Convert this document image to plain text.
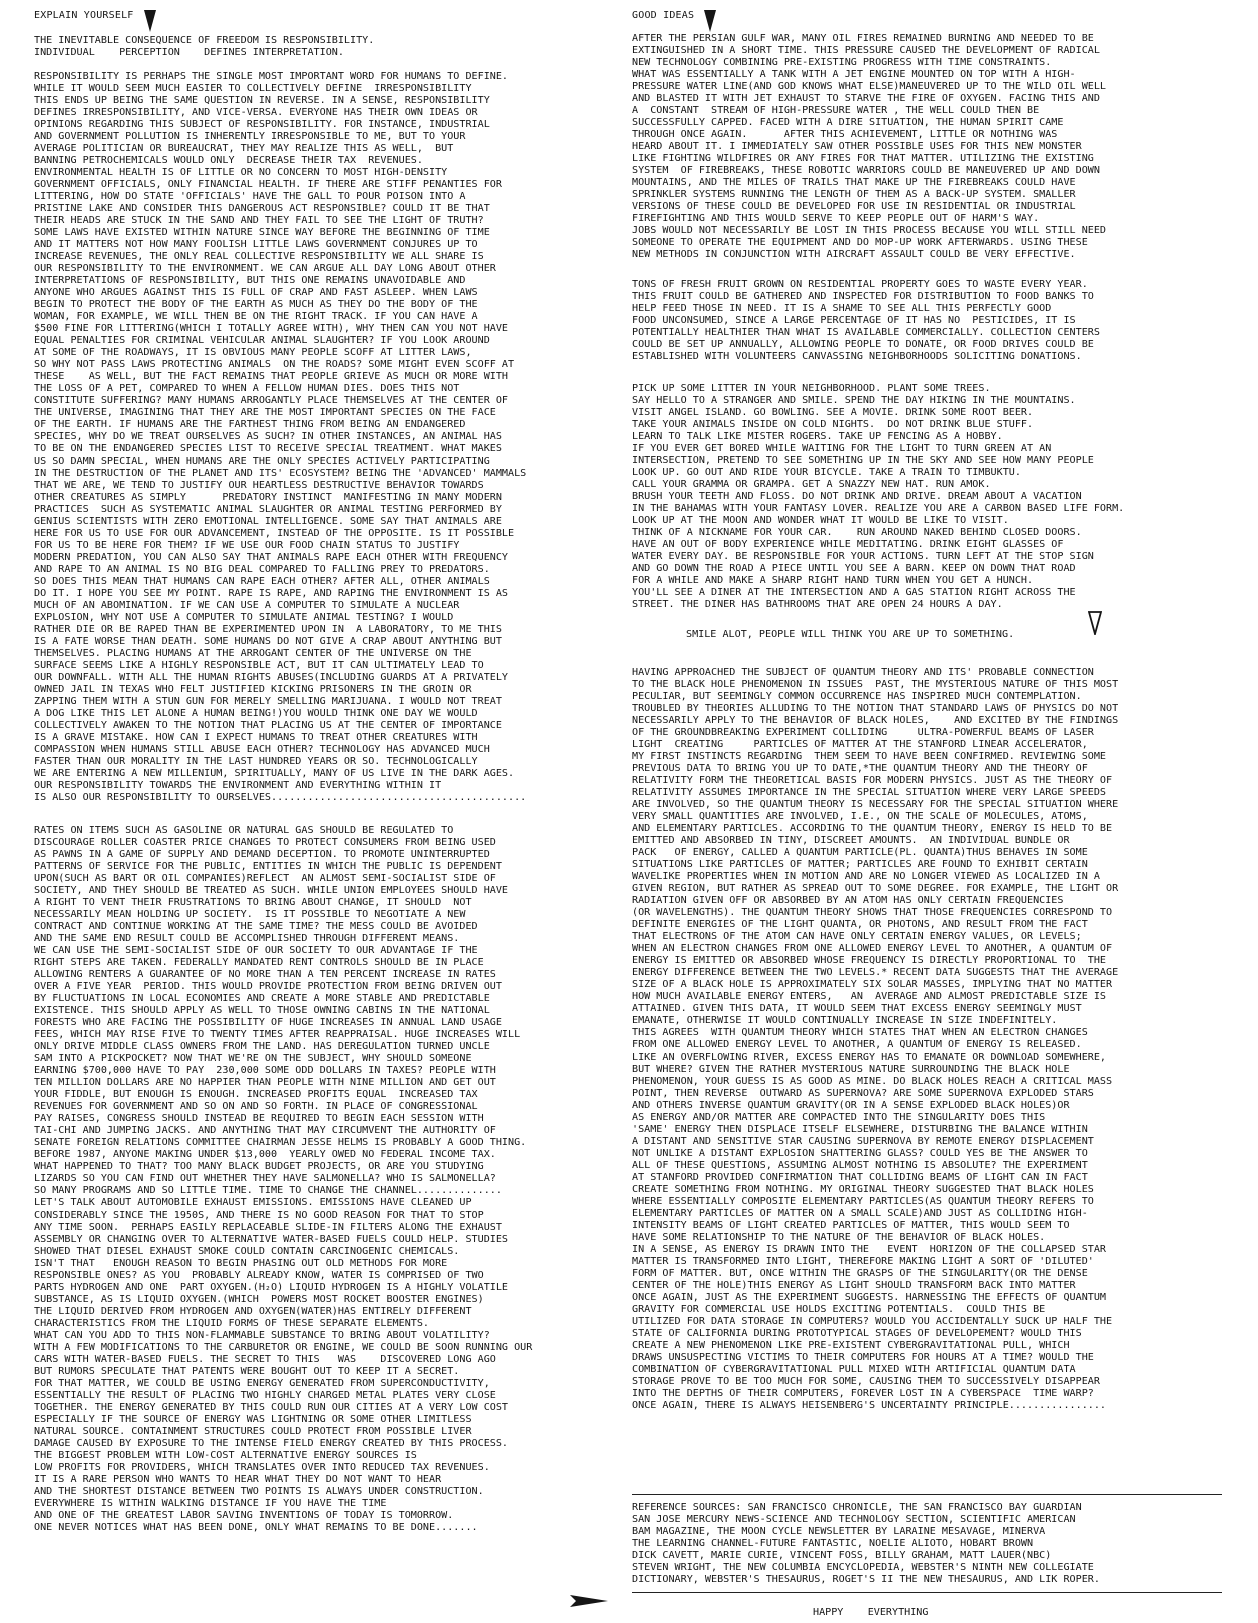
EXPLAIN YOURSELF
THE INEVITABLE CONSEQUENCE OF FREEDOM IS RESPONSIBILITY.
INDIVIDUAL    PERCEPTION    DEFINES INTERPRETATION.
RESPONSIBILITY IS PERHAPS THE SINGLE MOST IMPORTANT WORD FOR HUMANS TO DEFINE.
WHILE IT WOULD SEEM MUCH EASIER TO COLLECTIVELY DEFINE  IRRESPONSIBILITY
THIS ENDS UP BEING THE SAME QUESTION IN REVERSE. IN A SENSE, RESPONSIBILITY
DEFINES IRRESPONSIBILITY, AND VICE-VERSA. EVERYONE HAS THEIR OWN IDEAS OR
OPINIONS REGARDING THIS SUBJECT OF RESPONSIBILITY. FOR INSTANCE, INDUSTRIAL
AND GOVERNMENT POLLUTION IS INHERENTLY IRRESPONSIBLE TO ME, BUT TO YOUR
AVERAGE POLITICIAN OR BUREAUCRAT, THEY MAY REALIZE THIS AS WELL,  BUT
BANNING PETROCHEMICALS WOULD ONLY  DECREASE THEIR TAX  REVENUES.
ENVIRONMENTAL HEALTH IS OF LITTLE OR NO CONCERN TO MOST HIGH-DENSITY
GOVERNMENT OFFICIALS, ONLY FINANCIAL HEALTH. IF THERE ARE STIFF PENANTIES FOR
LITTERING, HOW DO STATE 'OFFICIALS' HAVE THE GALL TO POUR POISON INTO A
PRISTINE LAKE AND CONSIDER THIS DANGEROUS ACT RESPONSIBLE? COULD IT BE THAT
THEIR HEADS ARE STUCK IN THE SAND AND THEY FAIL TO SEE THE LIGHT OF TRUTH?
SOME LAWS HAVE EXISTED WITHIN NATURE SINCE WAY BEFORE THE BEGINNING OF TIME
AND IT MATTERS NOT HOW MANY FOOLISH LITTLE LAWS GOVERNMENT CONJURES UP TO
INCREASE REVENUES, THE ONLY REAL COLLECTIVE RESPONSIBILITY WE ALL SHARE IS
OUR RESPONSIBILITY TO THE ENVIRONMENT. WE CAN ARGUE ALL DAY LONG ABOUT OTHER
INTERPRETATIONS OF RESPONSIBILITY, BUT THIS ONE REMAINS UNAVOIDABLE AND
ANYONE WHO ARGUES AGAINST THIS IS FULL OF CRAP AND FAST ASLEEP. WHEN LAWS
BEGIN TO PROTECT THE BODY OF THE EARTH AS MUCH AS THEY DO THE BODY OF THE
WOMAN, FOR EXAMPLE, WE WILL THEN BE ON THE RIGHT TRACK. IF YOU CAN HAVE A
$500 FINE FOR LITTERING(WHICH I TOTALLY AGREE WITH), WHY THEN CAN YOU NOT HAVE
EQUAL PENALTIES FOR CRIMINAL VEHICULAR ANIMAL SLAUGHTER? IF YOU LOOK AROUND
AT SOME OF THE ROADWAYS, IT IS OBVIOUS MANY PEOPLE SCOFF AT LITTER LAWS,
SO WHY NOT PASS LAWS PROTECTING ANIMALS  ON THE ROADS? SOME MIGHT EVEN SCOFF AT
THESE    AS WELL, BUT THE FACT REMAINS THAT PEOPLE GRIEVE AS MUCH OR MORE WITH
THE LOSS OF A PET, COMPARED TO WHEN A FELLOW HUMAN DIES. DOES THIS NOT
CONSTITUTE SUFFERING? MANY HUMANS ARROGANTLY PLACE THEMSELVES AT THE CENTER OF
THE UNIVERSE, IMAGINING THAT THEY ARE THE MOST IMPORTANT SPECIES ON THE FACE
OF THE EARTH. IF HUMANS ARE THE FARTHEST THING FROM BEING AN ENDANGERED
SPECIES, WHY DO WE TREAT OURSELVES AS SUCH? IN OTHER INSTANCES, AN ANIMAL HAS
TO BE ON THE ENDANGERED SPECIES LIST TO RECEIVE SPECIAL TREATMENT. WHAT MAKES
US SO DAMN SPECIAL, WHEN HUMANS ARE THE ONLY SPECIES ACTIVELY PARTICIPATING
IN THE DESTRUCTION OF THE PLANET AND ITS' ECOSYSTEM? BEING THE 'ADVANCED' MAMMALS
THAT WE ARE, WE TEND TO JUSTIFY OUR HEARTLESS DESTRUCTIVE BEHAVIOR TOWARDS
OTHER CREATURES AS SIMPLY      PREDATORY INSTINCT  MANIFESTING IN MANY MODERN
PRACTICES  SUCH AS SYSTEMATIC ANIMAL SLAUGHTER OR ANIMAL TESTING PERFORMED BY
GENIUS SCIENTISTS WITH ZERO EMOTIONAL INTELLIGENCE. SOME SAY THAT ANIMALS ARE
HERE FOR US TO USE FOR OUR ADVANCEMENT, INSTEAD OF THE OPPOSITE. IS IT POSSIBLE
FOR US TO BE HERE FOR THEM? IF WE USE OUR FOOD CHAIN STATUS TO JUSTIFY
MODERN PREDATION, YOU CAN ALSO SAY THAT ANIMALS RAPE EACH OTHER WITH FREQUENCY
AND RAPE TO AN ANIMAL IS NO BIG DEAL COMPARED TO FALLING PREY TO PREDATORS.
SO DOES THIS MEAN THAT HUMANS CAN RAPE EACH OTHER? AFTER ALL, OTHER ANIMALS
DO IT. I HOPE YOU SEE MY POINT. RAPE IS RAPE, AND RAPING THE ENVIRONMENT IS AS
MUCH OF AN ABOMINATION. IF WE CAN USE A COMPUTER TO SIMULATE A NUCLEAR
EXPLOSION, WHY NOT USE A COMPUTER TO SIMULATE ANIMAL TESTING? I WOULD
RATHER DIE OR BE RAPED THAN BE EXPERIMENTED UPON IN  A LABORATORY, TO ME THIS
IS A FATE WORSE THAN DEATH. SOME HUMANS DO NOT GIVE A CRAP ABOUT ANYTHING BUT
THEMSELVES. PLACING HUMANS AT THE ARROGANT CENTER OF THE UNIVERSE ON THE
SURFACE SEEMS LIKE A HIGHLY RESPONSIBLE ACT, BUT IT CAN ULTIMATELY LEAD TO
OUR DOWNFALL. WITH ALL THE HUMAN RIGHTS ABUSES(INCLUDING GUARDS AT A PRIVATELY
OWNED JAIL IN TEXAS WHO FELT JUSTIFIED KICKING PRISONERS IN THE GROIN OR
ZAPPING THEM WITH A STUN GUN FOR MERELY SMELLING MARIJUANA. I WOULD NOT TREAT
A DOG LIKE THIS LET ALONE A HUMAN BEING!)YOU WOULD THINK ONE DAY WE WOULD
COLLECTIVELY AWAKEN TO THE NOTION THAT PLACING US AT THE CENTER OF IMPORTANCE
IS A GRAVE MISTAKE. HOW CAN I EXPECT HUMANS TO TREAT OTHER CREATURES WITH
COMPASSION WHEN HUMANS STILL ABUSE EACH OTHER? TECHNOLOGY HAS ADVANCED MUCH
FASTER THAN OUR MORALITY IN THE LAST HUNDRED YEARS OR SO. TECHNOLOGICALLY
WE ARE ENTERING A NEW MILLENIUM, SPIRITUALLY, MANY OF US LIVE IN THE DARK AGES.
OUR RESPONSIBILITY TOWARDS THE ENVIRONMENT AND EVERYTHING WITHIN IT
IS ALSO OUR RESPONSIBILITY TO OURSELVES..........................................
RATES ON ITEMS SUCH AS GASOLINE OR NATURAL GAS SHOULD BE REGULATED TO
DISCOURAGE ROLLER COASTER PRICE CHANGES TO PROTECT CONSUMERS FROM BEING USED
AS PAWNS IN A GAME OF SUPPLY AND DEMAND DECEPTION. TO PROMOTE UNINTERRUPTED
PATTERNS OF SERVICE FOR THE PUBLIC, ENTITIES IN WHICH THE PUBLIC IS DEPENDENT
UPON(SUCH AS BART OR OIL COMPANIES)REFLECT  AN ALMOST SEMI-SOCIALIST SIDE OF
SOCIETY, AND THEY SHOULD BE TREATED AS SUCH. WHILE UNION EMPLOYEES SHOULD HAVE
A RIGHT TO VENT THEIR FRUSTRATIONS TO BRING ABOUT CHANGE, IT SHOULD  NOT
NECESSARILY MEAN HOLDING UP SOCIETY.  IS IT POSSIBLE TO NEGOTIATE A NEW
CONTRACT AND CONTINUE WORKING AT THE SAME TIME? THE MESS COULD BE AVOIDED
AND THE SAME END RESULT COULD BE ACCOMPLISHED THROUGH DIFFERENT MEANS.
WE CAN USE THE SEMI-SOCIALIST SIDE OF OUR SOCIETY TO OUR ADVANTAGE IF THE
RIGHT STEPS ARE TAKEN. FEDERALLY MANDATED RENT CONTROLS SHOULD BE IN PLACE
ALLOWING RENTERS A GUARANTEE OF NO MORE THAN A TEN PERCENT INCREASE IN RATES
OVER A FIVE YEAR  PERIOD. THIS WOULD PROVIDE PROTECTION FROM BEING DRIVEN OUT
BY FLUCTUATIONS IN LOCAL ECONOMIES AND CREATE A MORE STABLE AND PREDICTABLE
EXISTENCE. THIS SHOULD APPLY AS WELL TO THOSE OWNING CABINS IN THE NATIONAL
FORESTS WHO ARE FACING THE POSSIBILITY OF HUGE INCREASES IN ANNUAL LAND USAGE
FEES, WHICH MAY RISE FIVE TO TWENTY TIMES AFTER REAPPRAISAL. HUGE INCREASES WILL
ONLY DRIVE MIDDLE CLASS OWNERS FROM THE LAND. HAS DEREGULATION TURNED UNCLE
SAM INTO A PICKPOCKET? NOW THAT WE'RE ON THE SUBJECT, WHY SHOULD SOMEONE
EARNING $700,000 HAVE TO PAY  230,000 SOME ODD DOLLARS IN TAXES? PEOPLE WITH
TEN MILLION DOLLARS ARE NO HAPPIER THAN PEOPLE WITH NINE MILLION AND GET OUT
YOUR FIDDLE, BUT ENOUGH IS ENOUGH. INCREASED PROFITS EQUAL  INCREASED TAX
REVENUES FOR GOVERNMENT AND SO ON AND SO FORTH. IN PLACE OF CONGRESSIONAL
PAY RAISES, CONGRESS SHOULD INSTEAD BE REQUIRED TO BEGIN EACH SESSION WITH
TAI-CHI AND JUMPING JACKS. AND ANYTHING THAT MAY CIRCUMVENT THE AUTHORITY OF
SENATE FOREIGN RELATIONS COMMITTEE CHAIRMAN JESSE HELMS IS PROBABLY A GOOD THING.
BEFORE 1987, ANYONE MAKING UNDER $13,000  YEARLY OWED NO FEDERAL INCOME TAX.
WHAT HAPPENED TO THAT? TOO MANY BLACK BUDGET PROJECTS, OR ARE YOU STUDYING
LIZARDS SO YOU CAN FIND OUT WHETHER THEY HAVE SALMONELLA? WHO IS SALMONELLA?
SO MANY PROGRAMS AND SO LITTLE TIME. TIME TO CHANGE THE CHANNEL..............
LET'S TALK ABOUT AUTOMOBILE EXHAUST EMISSIONS. EMISSIONS HAVE CLEANED UP
CONSIDERABLY SINCE THE 1950S, AND THERE IS NO GOOD REASON FOR THAT TO STOP
ANY TIME SOON.  PERHAPS EASILY REPLACEABLE SLIDE-IN FILTERS ALONG THE EXHAUST
ASSEMBLY OR CHANGING OVER TO ALTERNATIVE WATER-BASED FUELS COULD HELP. STUDIES
SHOWED THAT DIESEL EXHAUST SMOKE COULD CONTAIN CARCINOGENIC CHEMICALS.
ISN'T THAT   ENOUGH REASON TO BEGIN PHASING OUT OLD METHODS FOR MORE
RESPONSIBLE ONES? AS YOU  PROBABLY ALREADY KNOW, WATER IS COMPRISED OF TWO
PARTS HYDROGEN AND ONE  PART OXYGEN.(H₂O) LIQUID HYDROGEN IS A HIGHLY VOLATILE
SUBSTANCE, AS IS LIQUID OXYGEN.(WHICH  POWERS MOST ROCKET BOOSTER ENGINES)
THE LIQUID DERIVED FROM HYDROGEN AND OXYGEN(WATER)HAS ENTIRELY DIFFERENT
CHARACTERISTICS FROM THE LIQUID FORMS OF THESE SEPARATE ELEMENTS.
WHAT CAN YOU ADD TO THIS NON-FLAMMABLE SUBSTANCE TO BRING ABOUT VOLATILITY?
WITH A FEW MODIFICATIONS TO THE CARBURETOR OR ENGINE, WE COULD BE SOON RUNNING OUR
CARS WITH WATER-BASED FUELS. THE SECRET TO THIS   WAS    DISCOVERED LONG AGO
BUT RUMORS SPECULATE THAT PATENTS WERE BOUGHT OUT TO KEEP IT A SECRET.
FOR THAT MATTER, WE COULD BE USING ENERGY GENERATED FROM SUPERCONDUCTIVITY,
ESSENTIALLY THE RESULT OF PLACING TWO HIGHLY CHARGED METAL PLATES VERY CLOSE
TOGETHER. THE ENERGY GENERATED BY THIS COULD RUN OUR CITIES AT A VERY LOW COST
ESPECIALLY IF THE SOURCE OF ENERGY WAS LIGHTNING OR SOME OTHER LIMITLESS
NATURAL SOURCE. CONTAINMENT STRUCTURES COULD PROTECT FROM POSSIBLE LIVER
DAMAGE CAUSED BY EXPOSURE TO THE INTENSE FIELD ENERGY CREATED BY THIS PROCESS.
THE BIGGEST PROBLEM WITH LOW-COST ALTERNATIVE ENERGY SOURCES IS
LOW PROFITS FOR PROVIDERS, WHICH TRANSLATES OVER INTO REDUCED TAX REVENUES.
IT IS A RARE PERSON WHO WANTS TO HEAR WHAT THEY DO NOT WANT TO HEAR
AND THE SHORTEST DISTANCE BETWEEN TWO POINTS IS ALWAYS UNDER CONSTRUCTION.
EVERYWHERE IS WITHIN WALKING DISTANCE IF YOU HAVE THE TIME
AND ONE OF THE GREATEST LABOR SAVING INVENTIONS OF TODAY IS TOMORROW.
ONE NEVER NOTICES WHAT HAS BEEN DONE, ONLY WHAT REMAINS TO BE DONE.......
GOOD IDEAS
AFTER THE PERSIAN GULF WAR, MANY OIL FIRES REMAINED BURNING AND NEEDED TO BE
EXTINGUISHED IN A SHORT TIME. THIS PRESSURE CAUSED THE DEVELOPMENT OF RADICAL
NEW TECHNOLOGY COMBINING PRE-EXISTING PROGRESS WITH TIME CONSTRAINTS.
WHAT WAS ESSENTIALLY A TANK WITH A JET ENGINE MOUNTED ON TOP WITH A HIGH-
PRESSURE WATER LINE(AND GOD KNOWS WHAT ELSE)MANEUVERED UP TO THE WILD OIL WELL
AND BLASTED IT WITH JET EXHAUST TO STARVE THE FIRE OF OXYGEN. FACING THIS AND
A  CONSTANT  STREAM OF HIGH-PRESSURE WATER , THE WELL COULD THEN BE
SUCCESSFULLY CAPPED. FACED WITH A DIRE SITUATION, THE HUMAN SPIRIT CAME
THROUGH ONCE AGAIN.      AFTER THIS ACHIEVEMENT, LITTLE OR NOTHING WAS
HEARD ABOUT IT. I IMMEDIATELY SAW OTHER POSSIBLE USES FOR THIS NEW MONSTER
LIKE FIGHTING WILDFIRES OR ANY FIRES FOR THAT MATTER. UTILIZING THE EXISTING
SYSTEM  OF FIREBREAKS, THESE ROBOTIC WARRIORS COULD BE MANEUVERED UP AND DOWN
MOUNTAINS, AND THE MILES OF TRAILS THAT MAKE UP THE FIREBREAKS COULD HAVE
SPRINKLER SYSTEMS RUNNING THE LENGTH OF THEM AS A BACK-UP SYSTEM. SMALLER
VERSIONS OF THESE COULD BE DEVELOPED FOR USE IN RESIDENTIAL OR INDUSTRIAL
FIREFIGHTING AND THIS WOULD SERVE TO KEEP PEOPLE OUT OF HARM'S WAY.
JOBS WOULD NOT NECESSARILY BE LOST IN THIS PROCESS BECAUSE YOU WILL STILL NEED
SOMEONE TO OPERATE THE EQUIPMENT AND DO MOP-UP WORK AFTERWARDS. USING THESE
NEW METHODS IN CONJUNCTION WITH AIRCRAFT ASSAULT COULD BE VERY EFFECTIVE.
TONS OF FRESH FRUIT GROWN ON RESIDENTIAL PROPERTY GOES TO WASTE EVERY YEAR.
THIS FRUIT COULD BE GATHERED AND INSPECTED FOR DISTRIBUTION TO FOOD BANKS TO
HELP FEED THOSE IN NEED. IT IS A SHAME TO SEE ALL THIS PERFECTLY GOOD
FOOD UNCONSUMED, SINCE A LARGE PERCENTAGE OF IT HAS NO  PESTICIDES, IT IS
POTENTIALLY HEALTHIER THAN WHAT IS AVAILABLE COMMERCIALLY. COLLECTION CENTERS
COULD BE SET UP ANNUALLY, ALLOWING PEOPLE TO DONATE, OR FOOD DRIVES COULD BE
ESTABLISHED WITH VOLUNTEERS CANVASSING NEIGHBORHOODS SOLICITING DONATIONS.
PICK UP SOME LITTER IN YOUR NEIGHBORHOOD. PLANT SOME TREES.
SAY HELLO TO A STRANGER AND SMILE. SPEND THE DAY HIKING IN THE MOUNTAINS.
VISIT ANGEL ISLAND. GO BOWLING. SEE A MOVIE. DRINK SOME ROOT BEER.
TAKE YOUR ANIMALS INSIDE ON COLD NIGHTS.  DO NOT DRINK BLUE STUFF.
LEARN TO TALK LIKE MISTER ROGERS. TAKE UP FENCING AS A HOBBY.
IF YOU EVER GET BORED WHILE WAITING FOR THE LIGHT TO TURN GREEN AT AN
INTERSECTION, PRETEND TO SEE SOMETHING UP IN THE SKY AND SEE HOW MANY PEOPLE
LOOK UP. GO OUT AND RIDE YOUR BICYCLE. TAKE A TRAIN TO TIMBUKTU.
CALL YOUR GRAMMA OR GRAMPA. GET A SNAZZY NEW HAT. RUN AMOK.
BRUSH YOUR TEETH AND FLOSS. DO NOT DRINK AND DRIVE. DREAM ABOUT A VACATION
IN THE BAHAMAS WITH YOUR FANTASY LOVER. REALIZE YOU ARE A CARBON BASED LIFE FORM.
LOOK UP AT THE MOON AND WONDER WHAT IT WOULD BE LIKE TO VISIT.
THINK OF A NICKNAME FOR YOUR CAR.    RUN AROUND NAKED BEHIND CLOSED DOORS.
HAVE AN OUT OF BODY EXPERIENCE WHILE MEDITATING. DRINK EIGHT GLASSES OF
WATER EVERY DAY. BE RESPONSIBLE FOR YOUR ACTIONS. TURN LEFT AT THE STOP SIGN
AND GO DOWN THE ROAD A PIECE UNTIL YOU SEE A BARN. KEEP ON DOWN THAT ROAD
FOR A WHILE AND MAKE A SHARP RIGHT HAND TURN WHEN YOU GET A HUNCH.
YOU'LL SEE A DINER AT THE INTERSECTION AND A GAS STATION RIGHT ACROSS THE
STREET. THE DINER HAS BATHROOMS THAT ARE OPEN 24 HOURS A DAY.
SMILE ALOT, PEOPLE WILL THINK YOU ARE UP TO SOMETHING.
HAVING APPROACHED THE SUBJECT OF QUANTUM THEORY AND ITS' PROBABLE CONNECTION
TO THE BLACK HOLE PHENOMENON IN ISSUES  PAST, THE MYSTERIOUS NATURE OF THIS MOST
PECULIAR, BUT SEEMINGLY COMMON OCCURRENCE HAS INSPIRED MUCH CONTEMPLATION.
TROUBLED BY THEORIES ALLUDING TO THE NOTION THAT STANDARD LAWS OF PHYSICS DO NOT
NECESSARILY APPLY TO THE BEHAVIOR OF BLACK HOLES,    AND EXCITED BY THE FINDINGS
OF THE GROUNDBREAKING EXPERIMENT COLLIDING     ULTRA-POWERFUL BEAMS OF LASER
LIGHT  CREATING     PARTICLES OF MATTER AT THE STANFORD LINEAR ACCELERATOR,
MY FIRST INSTINCTS REGARDING  THEM SEEM TO HAVE BEEN CONFIRMED. REVIEWING SOME
PREVIOUS DATA TO BRING YOU UP TO DATE,*THE QUANTUM THEORY AND THE THEORY OF
RELATIVITY FORM THE THEORETICAL BASIS FOR MODERN PHYSICS. JUST AS THE THEORY OF
RELATIVITY ASSUMES IMPORTANCE IN THE SPECIAL SITUATION WHERE VERY LARGE SPEEDS
ARE INVOLVED, SO THE QUANTUM THEORY IS NECESSARY FOR THE SPECIAL SITUATION WHERE
VERY SMALL QUANTITIES ARE INVOLVED, I.E., ON THE SCALE OF MOLECULES, ATOMS,
AND ELEMENTARY PARTICLES. ACCORDING TO THE QUANTUM THEORY, ENERGY IS HELD TO BE
EMITTED AND ABSORBED IN TINY, DISCREET AMOUNTS.  AN INDIVIDUAL BUNDLE OR
PACK   OF ENERGY, CALLED A QUANTUM PARTICLE(PL. QUANTA)THUS BEHAVES IN SOME
SITUATIONS LIKE PARTICLES OF MATTER; PARTICLES ARE FOUND TO EXHIBIT CERTAIN
WAVELIKE PROPERTIES WHEN IN MOTION AND ARE NO LONGER VIEWED AS LOCALIZED IN A
GIVEN REGION, BUT RATHER AS SPREAD OUT TO SOME DEGREE. FOR EXAMPLE, THE LIGHT OR
RADIATION GIVEN OFF OR ABSORBED BY AN ATOM HAS ONLY CERTAIN FREQUENCIES
(OR WAVELENGTHS). THE QUANTUM THEORY SHOWS THAT THOSE FREQUENCIES CORRESPOND TO
DEFINITE ENERGIES OF THE LIGHT QUANTA, OR PHOTONS, AND RESULT FROM THE FACT
THAT ELECTRONS OF THE ATOM CAN HAVE ONLY CERTAIN ENERGY VALUES, OR LEVELS;
WHEN AN ELECTRON CHANGES FROM ONE ALLOWED ENERGY LEVEL TO ANOTHER, A QUANTUM OF
ENERGY IS EMITTED OR ABSORBED WHOSE FREQUENCY IS DIRECTLY PROPORTIONAL TO  THE
ENERGY DIFFERENCE BETWEEN THE TWO LEVELS.* RECENT DATA SUGGESTS THAT THE AVERAGE
SIZE OF A BLACK HOLE IS APPROXIMATELY SIX SOLAR MASSES, IMPLYING THAT NO MATTER
HOW MUCH AVAILABLE ENERGY ENTERS,   AN  AVERAGE AND ALMOST PREDICTABLE SIZE IS
ATTAINED. GIVEN THIS DATA, IT WOULD SEEM THAT EXCESS ENERGY SEEMINGLY MUST
EMANATE, OTHERWISE IT WOULD CONTINUALLY INCREASE IN SIZE INDEFINITELY.
THIS AGREES  WITH QUANTUM THEORY WHICH STATES THAT WHEN AN ELECTRON CHANGES
FROM ONE ALLOWED ENERGY LEVEL TO ANOTHER, A QUANTUM OF ENERGY IS RELEASED.
LIKE AN OVERFLOWING RIVER, EXCESS ENERGY HAS TO EMANATE OR DOWNLOAD SOMEWHERE,
BUT WHERE? GIVEN THE RATHER MYSTERIOUS NATURE SURROUNDING THE BLACK HOLE
PHENOMENON, YOUR GUESS IS AS GOOD AS MINE. DO BLACK HOLES REACH A CRITICAL MASS
POINT, THEN REVERSE  OUTWARD AS SUPERNOVA? ARE SOME SUPERNOVA EXPLODED STARS
AND OTHERS INVERSE QUANTUM GRAVITY(OR IN A SENSE EXPLODED BLACK HOLES)OR
AS ENERGY AND/OR MATTER ARE COMPACTED INTO THE SINGULARITY DOES THIS
'SAME' ENERGY THEN DISPLACE ITSELF ELSEWHERE, DISTURBING THE BALANCE WITHIN
A DISTANT AND SENSITIVE STAR CAUSING SUPERNOVA BY REMOTE ENERGY DISPLACEMENT
NOT UNLIKE A DISTANT EXPLOSION SHATTERING GLASS? COULD YES BE THE ANSWER TO
ALL OF THESE QUESTIONS, ASSUMING ALMOST NOTHING IS ABSOLUTE? THE EXPERIMENT
AT STANFORD PROVIDED CONFIRMATION THAT COLLIDING BEAMS OF LIGHT CAN IN FACT
CREATE SOMETHING FROM NOTHING. MY ORIGINAL THEORY SUGGESTED THAT BLACK HOLES
WHERE ESSENTIALLY COMPOSITE ELEMENTARY PARTICLES(AS QUANTUM THEORY REFERS TO
ELEMENTARY PARTICLES OF MATTER ON A SMALL SCALE)AND JUST AS COLLIDING HIGH-
INTENSITY BEAMS OF LIGHT CREATED PARTICLES OF MATTER, THIS WOULD SEEM TO
HAVE SOME RELATIONSHIP TO THE NATURE OF THE BEHAVIOR OF BLACK HOLES.
IN A SENSE, AS ENERGY IS DRAWN INTO THE   EVENT  HORIZON OF THE COLLAPSED STAR
MATTER IS TRANSFORMED INTO LIGHT, THEREFORE MAKING LIGHT A SORT OF 'DILUTED'
FORM OF MATTER. BUT, ONCE WITHIN THE GRASPS OF THE SINGULARITY(OR THE DENSE
CENTER OF THE HOLE)THIS ENERGY AS LIGHT SHOULD TRANSFORM BACK INTO MATTER
ONCE AGAIN, JUST AS THE EXPERIMENT SUGGESTS. HARNESSING THE EFFECTS OF QUANTUM
GRAVITY FOR COMMERCIAL USE HOLDS EXCITING POTENTIALS.  COULD THIS BE
UTILIZED FOR DATA STORAGE IN COMPUTERS? WOULD YOU ACCIDENTALLY SUCK UP HALF THE
STATE OF CALIFORNIA DURING PROTOTYPICAL STAGES OF DEVELOPEMENT? WOULD THIS
CREATE A NEW PHENOMENON LIKE PRE-EXISTENT CYBERGRAVITATIONAL PULL, WHICH
DRAWS UNSUSPECTING VICTIMS TO THEIR COMPUTERS FOR HOURS AT A TIME? WOULD THE
COMBINATION OF CYBERGRAVITATIONAL PULL MIXED WITH ARTIFICIAL QUANTUM DATA
STORAGE PROVE TO BE TOO MUCH FOR SOME, CAUSING THEM TO SUCCESSIVELY DISAPPEAR
INTO THE DEPTHS OF THEIR COMPUTERS, FOREVER LOST IN A CYBERSPACE  TIME WARP?
ONCE AGAIN, THERE IS ALWAYS HEISENBERG'S UNCERTAINTY PRINCIPLE................
REFERENCE SOURCES: SAN FRANCISCO CHRONICLE, THE SAN FRANCISCO BAY GUARDIAN
SAN JOSE MERCURY NEWS-SCIENCE AND TECHNOLOGY SECTION, SCIENTIFIC AMERICAN
BAM MAGAZINE, THE MOON CYCLE NEWSLETTER BY LARAINE MESAVAGE, MINERVA
THE LEARNING CHANNEL-FUTURE FANTASTIC, NOELIE ALIOTO, HOBART BROWN
DICK CAVETT, MARIE CURIE, VINCENT FOSS, BILLY GRAHAM, MATT LAUER(NBC)
STEVEN WRIGHT, THE NEW COLUMBIA ENCYCLOPEDIA, WEBSTER'S NINTH NEW COLLEGIATE
DICTIONARY, WEBSTER'S THESAURUS, ROGET'S II THE NEW THESAURUS, AND LIK ROPER.
HAPPY    EVERYTHING
